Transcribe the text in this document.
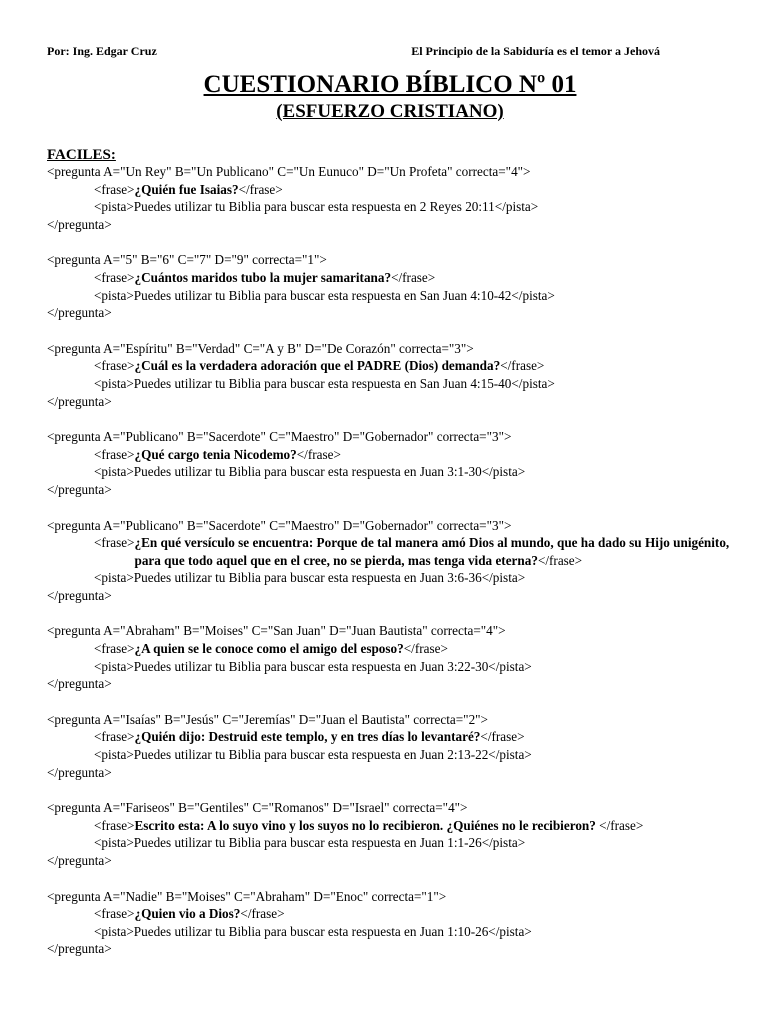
Por: Ing. Edgar Cruz	El Principio de la Sabiduría es el temor a Jehová
CUESTIONARIO BÍBLICO Nº 01
(ESFUERZO CRISTIANO)
FACILES:
<pregunta A="Un Rey" B="Un Publicano" C="Un Eunuco" D="Un Profeta" correcta="4">
<frase> ¿Quién fue Isaias?</frase>
<pista>Puedes utilizar tu Biblia para buscar esta respuesta en 2 Reyes 20:11</pista>
</pregunta>
<pregunta A="5" B="6" C="7" D="9" correcta="1">
<frase> ¿Cuántos maridos tubo la mujer samaritana?</frase>
<pista>Puedes utilizar tu Biblia para buscar esta respuesta en San Juan 4:10-42</pista>
</pregunta>
<pregunta A="Espíritu" B="Verdad" C="A y B" D="De Corazón" correcta="3">
<frase> ¿Cuál es la verdadera adoración que el PADRE (Dios) demanda?</frase>
<pista>Puedes utilizar tu Biblia para buscar esta respuesta en San Juan 4:15-40</pista>
</pregunta>
<pregunta A="Publicano" B="Sacerdote" C="Maestro" D="Gobernador" correcta="3">
<frase> ¿Qué cargo tenia Nicodemo?</frase>
<pista>Puedes utilizar tu Biblia para buscar esta respuesta en Juan 3:1-30</pista>
</pregunta>
<pregunta A="Publicano" B="Sacerdote" C="Maestro" D="Gobernador" correcta="3">
<frase> ¿En qué versículo se encuentra: Porque de tal manera amó Dios al mundo, que ha dado su Hijo unigénito, para que todo aquel que en el cree, no se pierda, mas tenga vida eterna?</frase>
<pista>Puedes utilizar tu Biblia para buscar esta respuesta en Juan 3:6-36</pista>
</pregunta>
<pregunta A="Abraham" B="Moises" C="San Juan" D="Juan Bautista" correcta="4">
<frase> ¿A quien se le conoce como el amigo del esposo?</frase>
<pista>Puedes utilizar tu Biblia para buscar esta respuesta en Juan 3:22-30</pista>
</pregunta>
<pregunta A="Isaías" B="Jesús" C="Jeremías" D="Juan el Bautista" correcta="2">
<frase> ¿Quién dijo: Destruid este templo, y en tres días lo levantaré?</frase>
<pista>Puedes utilizar tu Biblia para buscar esta respuesta en Juan 2:13-22</pista>
</pregunta>
<pregunta A="Fariseos" B="Gentiles" C="Romanos" D="Israel" correcta="4">
<frase> Escrito esta: A lo suyo vino y los suyos no lo recibieron. ¿Quiénes no le recibieron? </frase>
<pista>Puedes utilizar tu Biblia para buscar esta respuesta en Juan 1:1-26</pista>
</pregunta>
<pregunta A="Nadie" B="Moises" C="Abraham" D="Enoc" correcta="1">
<frase> ¿Quien vio a Dios?</frase>
<pista>Puedes utilizar tu Biblia para buscar esta respuesta en Juan 1:10-26</pista>
</pregunta>
